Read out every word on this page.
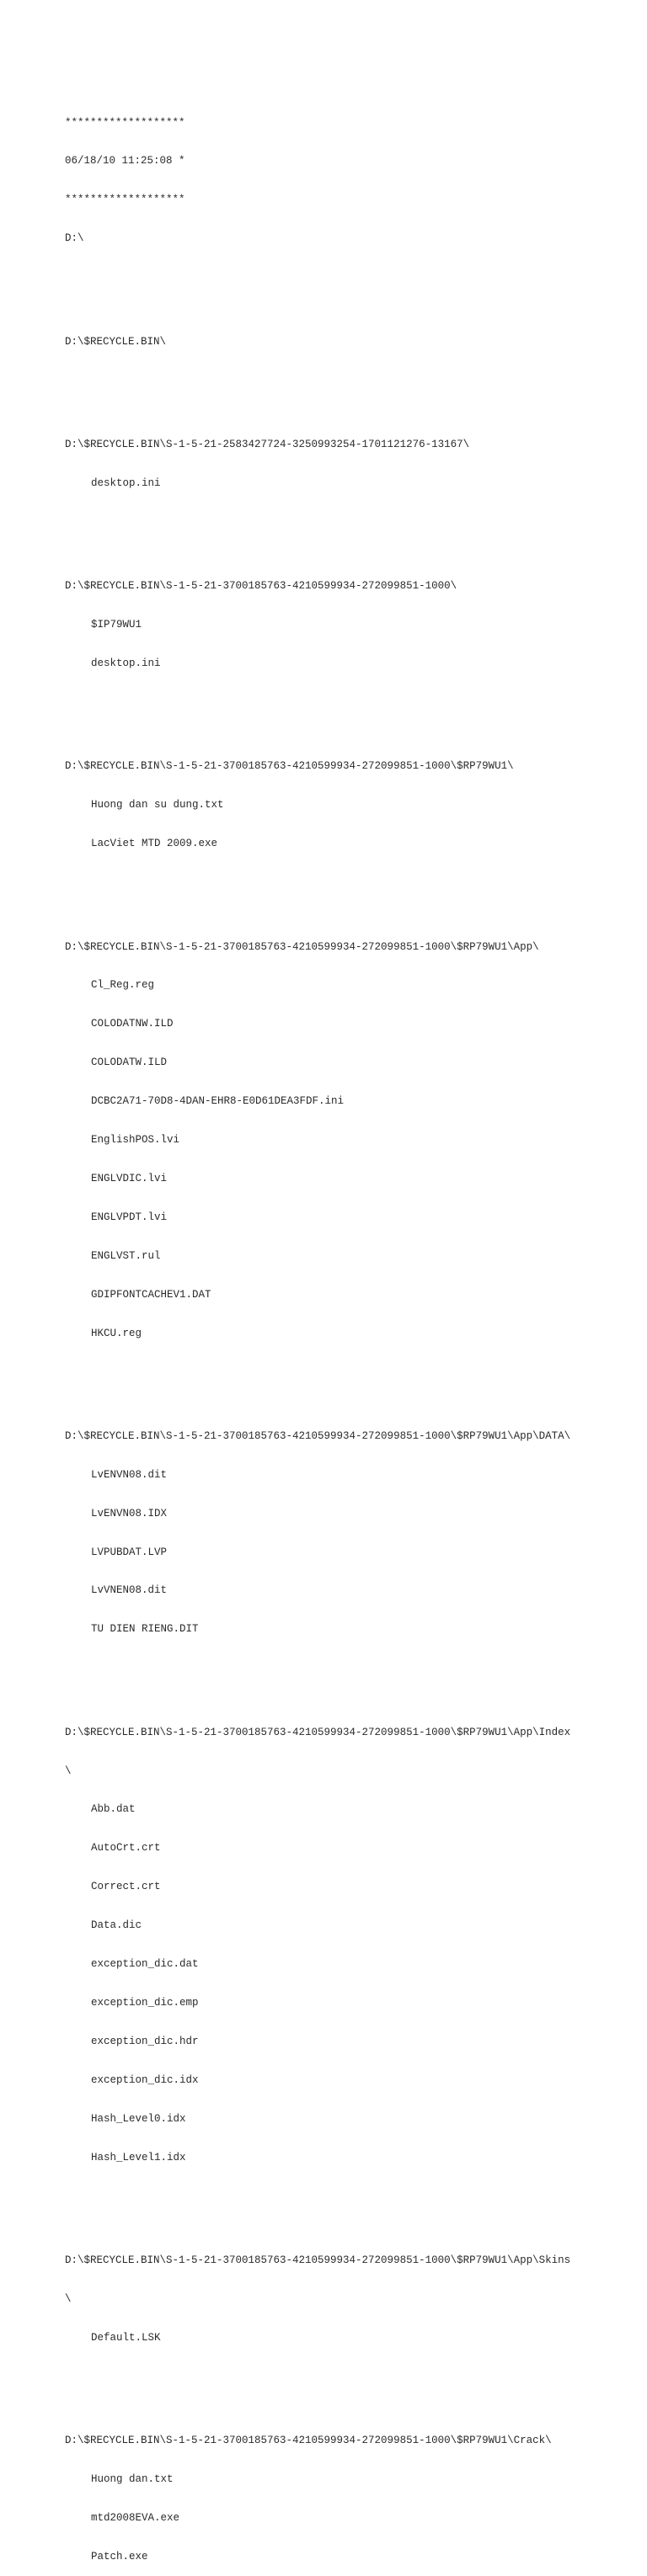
*******************

06/18/10 11:25:08 *

*******************

D:\

D:\$RECYCLE.BIN\

D:\$RECYCLE.BIN\S-1-5-21-2583427724-3250993254-1701121276-13167\

desktop.ini

D:\$RECYCLE.BIN\S-1-5-21-3700185763-4210599934-272099851-1000\

$IP79WU1

desktop.ini

D:\$RECYCLE.BIN\S-1-5-21-3700185763-4210599934-272099851-1000\$RP79WU1\

Huong dan su dung.txt

LacViet MTD 2009.exe

D:\$RECYCLE.BIN\S-1-5-21-3700185763-4210599934-272099851-1000\$RP79WU1\App\

Cl_Reg.reg

COLODATNW.ILD

COLODATW.ILD

DCBC2A71-70D8-4DAN-EHR8-E0D61DEA3FDF.ini

EnglishPOS.lvi

ENGLVDIC.lvi

ENGLVPDT.lvi

ENGLVST.rul

GDIPFONTCACHEV1.DAT

HKCU.reg

D:\$RECYCLE.BIN\S-1-5-21-3700185763-4210599934-272099851-1000\$RP79WU1\App\DATA\

LvENVN08.dit

LvENVN08.IDX

LVPUBDAT.LVP

LvVNEN08.dit

TU DIEN RIENG.DIT

D:\$RECYCLE.BIN\S-1-5-21-3700185763-4210599934-272099851-1000\$RP79WU1\App\Index

\

Abb.dat

AutoCrt.crt

Correct.crt

Data.dic

exception_dic.dat

exception_dic.emp

exception_dic.hdr

exception_dic.idx

Hash_Level0.idx

Hash_Level1.idx

D:\$RECYCLE.BIN\S-1-5-21-3700185763-4210599934-272099851-1000\$RP79WU1\App\Skins

\

Default.LSK

D:\$RECYCLE.BIN\S-1-5-21-3700185763-4210599934-272099851-1000\$RP79WU1\Crack\

Huong dan.txt

mtd2008EVA.exe

Patch.exe
